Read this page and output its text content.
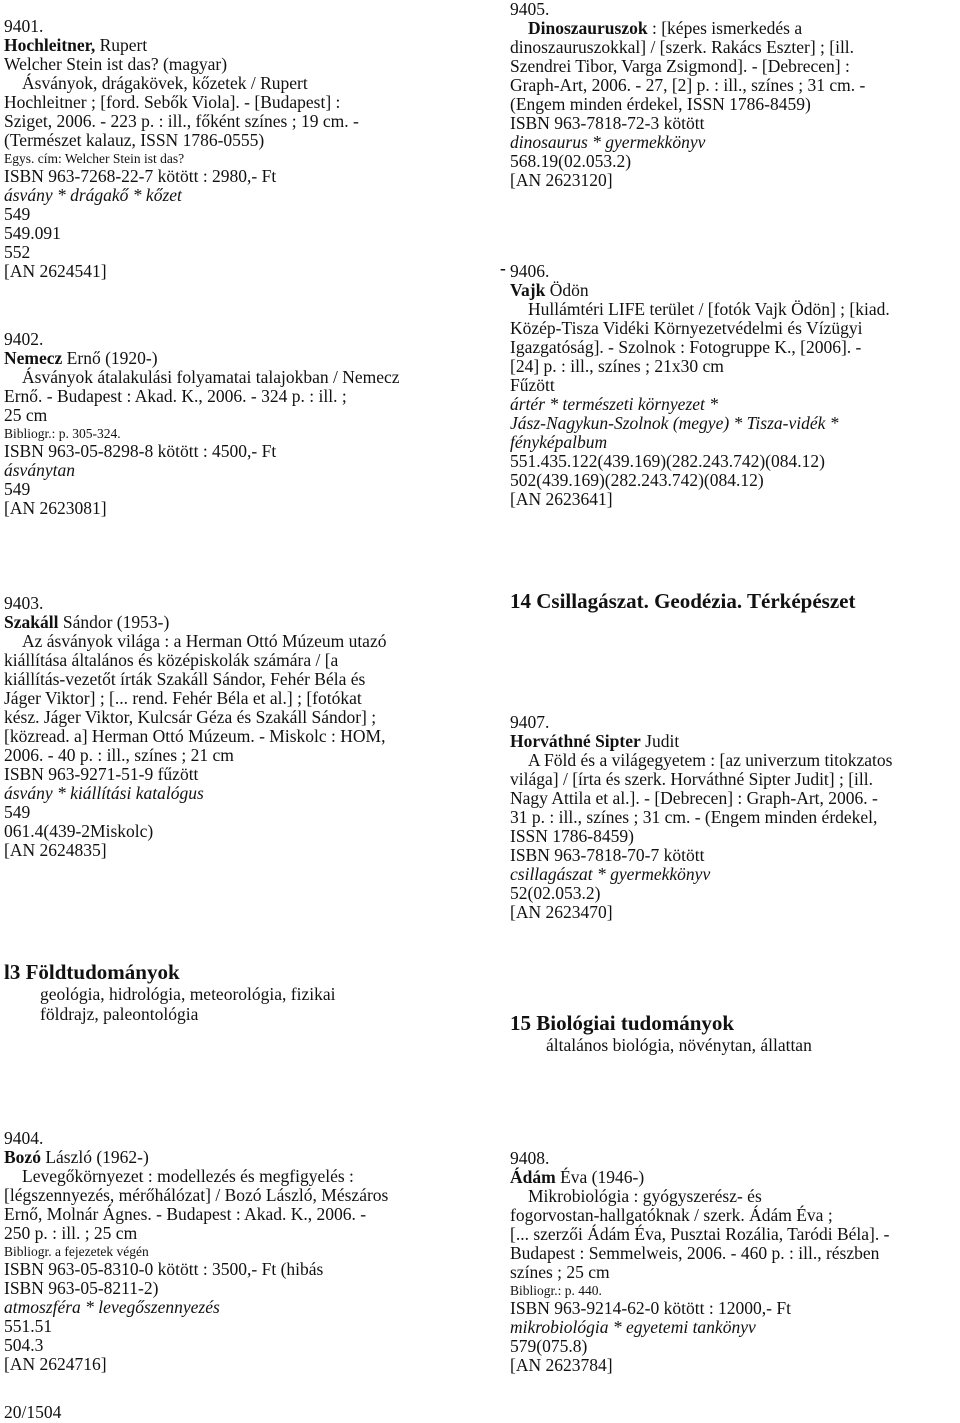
9401.
Hochleitner, Rupert
Welcher Stein ist das? (magyar)
Ásványok, drágakövek, kőzetek / Rupert
Hochleitner ; [ford. Sebők Viola]. - [Budapest] :
Sziget, 2006. - 223 p. : ill., főként színes ; 19 cm. -
(Természet kalauz, ISSN 1786-0555)
Egys. cím: Welcher Stein ist das?
ISBN 963-7268-22-7 kötött : 2980,- Ft
ásvány * drágakő * kőzet
549
549.091
552
[AN 2624541]
9402.
Nemecz Ernő (1920-)
Ásványok átalakulási folyamatai talajokban / Nemecz
Ernő. - Budapest : Akad. K., 2006. - 324 p. : ill. ;
25 cm
Bibliogr.: p. 305-324.
ISBN 963-05-8298-8 kötött : 4500,- Ft
ásványtan
549
[AN 2623081]
9403.
Szakáll Sándor (1953-)
Az ásványok világa : a Herman Ottó Múzeum utazó
kiállítása általános és középiskolák számára / [a
kiállítás-vezetőt írták Szakáll Sándor, Fehér Béla és
Jáger Viktor] ; [... rend. Fehér Béla et al.] ; [fotókat
kész. Jáger Viktor, Kulcsár Géza és Szakáll Sándor] ;
[közread. a] Herman Ottó Múzeum. - Miskolc : HOM,
2006. - 40 p. : ill., színes ; 21 cm
ISBN 963-9271-51-9 fűzött
ásvány * kiállítási katalógus
549
061.4(439-2Miskolc)
[AN 2624835]
l3 Földtudományok
geológia, hidrológia, meteorológia, fizikai
földrajz, paleontológia
9404.
Bozó László (1962-)
Levegőkörnyezet : modellezés és megfigyelés :
[légszennyezés, mérőhálózat] / Bozó László, Mészáros
Ernő, Molnár Ágnes. - Budapest : Akad. K., 2006. -
250 p. : ill. ; 25 cm
Bibliogr. a fejezetek végén
ISBN 963-05-8310-0 kötött : 3500,- Ft (hibás
ISBN 963-05-8211-2)
atmoszféra * levegőszennyezés
551.51
504.3
[AN 2624716]
20/1504
9405.
Dinoszauruszok : [képes ismerkedés a
dinoszauruszokkal] / [szerk. Rakács Eszter] ; [ill.
Szendrei Tibor, Varga Zsigmond]. - [Debrecen] :
Graph-Art, 2006. - 27, [2] p. : ill., színes ; 31 cm. -
(Engem minden érdekel, ISSN 1786-8459)
ISBN 963-7818-72-3 kötött
dinosaurus * gyermekkönyv
568.19(02.053.2)
[AN 2623120]
- 9406.
Vajk Ödön
Hullámtéri LIFE terület / [fotók Vajk Ödön] ; [kiad.
Közép-Tisza Vidéki Környezetvédelmi és Vízügyi
Igazgatóság]. - Szolnok : Fotogruppe K., [2006]. -
[24] p. : ill., színes ; 21x30 cm
Fűzött
ártér * természeti környezet *
Jász-Nagykun-Szolnok (megye) * Tisza-vidék *
fényképalbum
551.435.122(439.169)(282.243.742)(084.12)
502(439.169)(282.243.742)(084.12)
[AN 2623641]
14 Csillagászat. Geodézia. Térképészet
9407.
Horváthné Sipter Judit
A Föld és a világegyetem : [az univerzum titokzatos
világa] / [írta és szerk. Horváthné Sipter Judit] ; [ill.
Nagy Attila et al.]. - [Debrecen] : Graph-Art, 2006. -
31 p. : ill., színes ; 31 cm. - (Engem minden érdekel,
ISSN 1786-8459)
ISBN 963-7818-70-7 kötött
csillagászat * gyermekkönyv
52(02.053.2)
[AN 2623470]
15 Biológiai tudományok
általános biológia, növénytan, állattan
9408.
Ádám Éva (1946-)
Mikrobiológia : gyógyszerész- és
fogorvostan-hallgatóknak / szerk. Ádám Éva ;
[... szerzői Ádám Éva, Pusztai Rozália, Taródi Béla]. -
Budapest : Semmelweis, 2006. - 460 p. : ill., részben
színes ; 25 cm
Bibliogr.: p. 440.
ISBN 963-9214-62-0 kötött : 12000,- Ft
mikrobiológia * egyetemi tankönyv
579(075.8)
[AN 2623784]
